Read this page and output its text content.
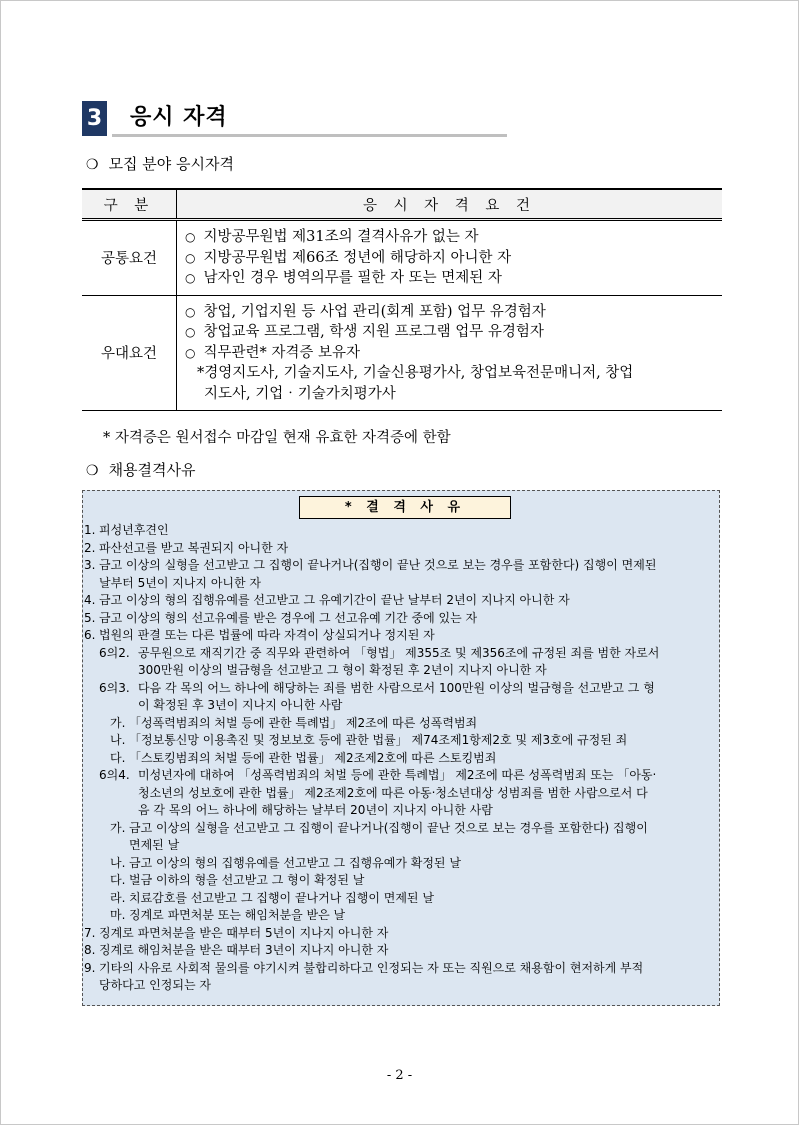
3 응시 자격
❍ 모집 분야 응시자격
구 분	응 시 자 격 요 건
공통요건	○ 지방공무원법 제31조의 결격사유가 없는 자
○ 지방공무원법 제66조 정년에 해당하지 아니한 자
○ 남자인 경우 병역의무를 필한 자 또는 면제된 자

우대요건	○ 창업, 기업지원 등 사업 관리(회계 포함) 업무 유경험자
○ 창업교육 프로그램, 학생 지원 프로그램 업무 유경험자
○ 직무관련* 자격증 보유자
*경영지도사, 기술지도사, 기술신용평가사, 창업보육전문매니저, 창업
지도사, 기업‧기술가치평가사
* 자격증은 원서접수 마감일 현재 유효한 자격증에 한함
❍ 채용결격사유
* 결 격 사 유
1. 피성년후견인
2. 파산선고를 받고 복권되지 아니한 자
3. 금고 이상의 실형을 선고받고 그 집행이 끝나거나(집행이 끝난 것으로 보는 경우를 포함한다) 집행이 면제된
날부터 5년이 지나지 아니한 자
4. 금고 이상의 형의 집행유예를 선고받고 그 유예기간이 끝난 날부터 2년이 지나지 아니한 자
5. 금고 이상의 형의 선고유예를 받은 경우에 그 선고유예 기간 중에 있는 자
6. 법원의 판결 또는 다른 법률에 따라 자격이 상실되거나 정지된 자
6의2. 공무원으로 재직기간 중 직무와 관련하여 「형법」 제355조 및 제356조에 규정된 죄를 범한 자로서
300만원 이상의 벌금형을 선고받고 그 형이 확정된 후 2년이 지나지 아니한 자
6의3. 다음 각 목의 어느 하나에 해당하는 죄를 범한 사람으로서 100만원 이상의 벌금형을 선고받고 그 형
이 확정된 후 3년이 지나지 아니한 사람
가. 「성폭력범죄의 처벌 등에 관한 특례법」 제2조에 따른 성폭력범죄
나. 「정보통신망 이용촉진 및 정보보호 등에 관한 법률」 제74조제1항제2호 및 제3호에 규정된 죄
다. 「스토킹범죄의 처벌 등에 관한 법률」 제2조제2호에 따른 스토킹범죄
6의4. 미성년자에 대하여 「성폭력범죄의 처벌 등에 관한 특례법」 제2조에 따른 성폭력범죄 또는 「아동‧
청소년의 성보호에 관한 법률」 제2조제2호에 따른 아동‧청소년대상 성범죄를 범한 사람으로서 다
음 각 목의 어느 하나에 해당하는 날부터 20년이 지나지 아니한 사람
가. 금고 이상의 실형을 선고받고 그 집행이 끝나거나(집행이 끝난 것으로 보는 경우를 포함한다) 집행이
면제된 날
나. 금고 이상의 형의 집행유예를 선고받고 그 집행유예가 확정된 날
다. 벌금 이하의 형을 선고받고 그 형이 확정된 날
라. 치료감호를 선고받고 그 집행이 끝나거나 집행이 면제된 날
마. 징계로 파면처분 또는 해임처분을 받은 날
7. 징계로 파면처분을 받은 때부터 5년이 지나지 아니한 자
8. 징계로 해임처분을 받은 때부터 3년이 지나지 아니한 자
9. 기타의 사유로 사회적 물의를 야기시켜 불합리하다고 인정되는 자 또는 직원으로 채용함이 현저하게 부적
당하다고 인정되는 자
- 2 -
